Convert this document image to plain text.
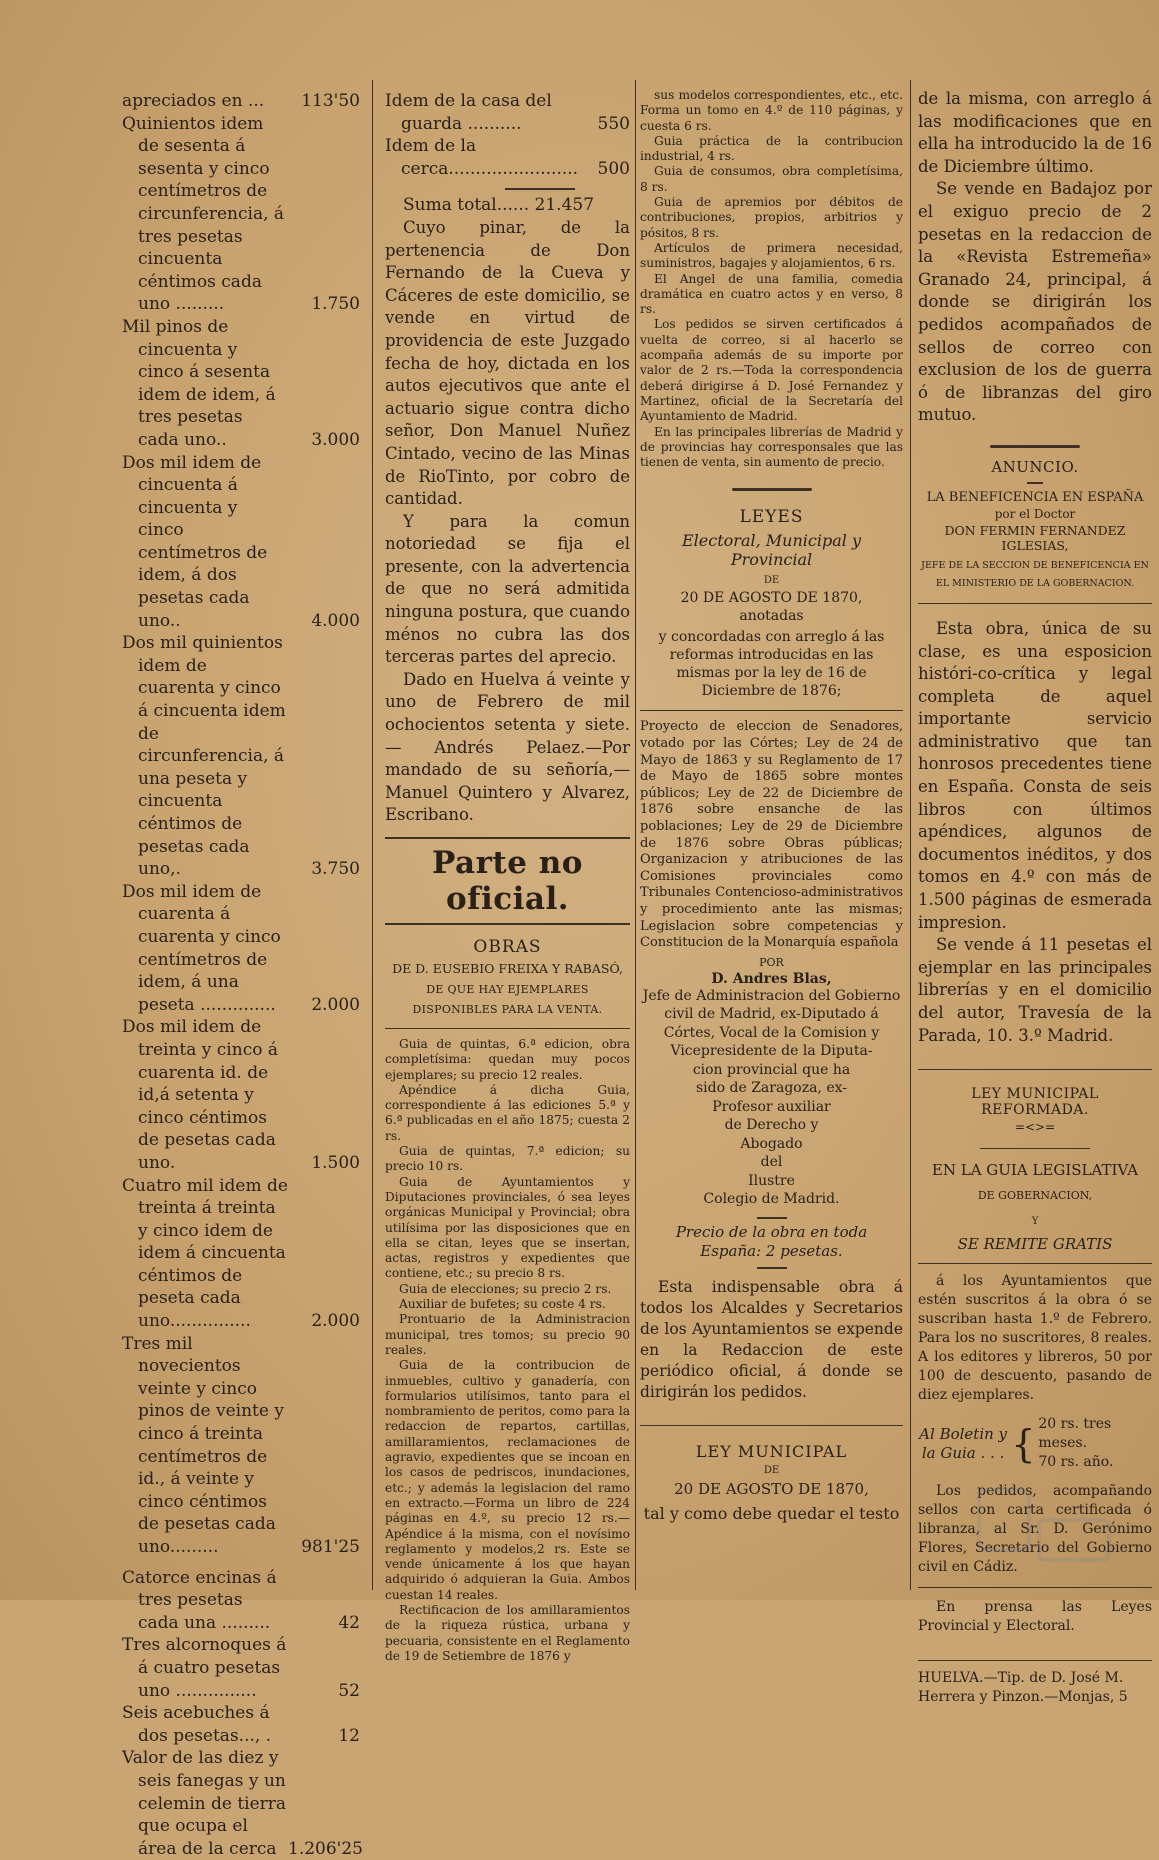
apreciados en ...	113'50
Quinientos idem de sesenta á sesenta y cinco centímetros de circunferencia, á tres pesetas cincuenta céntimos cada uno .........	1.750
Mil pinos de cincuenta y cinco á sesenta idem de idem, á tres pesetas cada uno..	3.000
Dos mil idem de cincuenta á cincuenta y cinco centímetros de idem, á dos pesetas cada uno..	4.000
Dos mil quinientos idem de cuarenta y cinco á cincuenta idem de circunferencia, á una peseta y cincuenta céntimos de pesetas cada uno,.	3.750
Dos mil idem de cuarenta á cuarenta y cinco centímetros de idem, á una peseta ..............	2.000
Dos mil idem de treinta y cinco á cuarenta id. de id,á setenta y cinco céntimos de pesetas cada uno.	1.500
Cuatro mil idem de treinta á treinta y cinco idem de idem á cincuenta céntimos de peseta cada uno...............	2.000
Tres mil novecientos veinte y cinco pinos de veinte y cinco á treinta centímetros de id., á veinte y cinco céntimos de pesetas cada uno.........	981'25
Catorce encinas á tres pesetas cada una .........	42
Tres alcornoques á á cuatro pesetas uno ...............	52
Seis acebuches á dos pesetas..., .	12
Valor de las diez y seis fanegas y un celemin de tierra que ocupa el área de la cerca 1.206'25
Idem de la casa del guarda ..........	550
Idem de la cerca........................	500
Suma total...... 21.457

Cuyo pinar, de la pertenencia de Don Fernando de la Cueva y Cáceres de este domicilio, se vende en virtud de providencia de este Juzgado fecha de hoy, dictada en los autos ejecutivos que ante el actuario sigue contra dicho señor, Don Manuel Nuñez Cintado, vecino de las Minas de RioTinto, por cobro de cantidad.

Y para la comun notoriedad se fija el presente, con la advertencia de que no será admitida ninguna postura, que cuando ménos no cubra las dos terceras partes del aprecio.

Dado en Huelva á veinte y uno de Febrero de mil ochocientos setenta y siete.— Andrés Pelaez.—Por mandado de su señoría,—Manuel Quintero y Alvarez, Escribano.

Parte no oficial.

OBRAS

DE D. EUSEBIO FREIXA Y RABASÓ,

DE QUE HAY EJEMPLARES DISPONIBLES PARA LA VENTA.

Guia de quintas, 6.ª edicion, obra completísima: quedan muy pocos ejemplares; su precio 12 reales.

Apéndice á dicha Guia, correspondiente á las ediciones 5.ª y 6.ª publicadas en el año 1875; cuesta 2 rs.

Guia de quintas, 7.ª edicion; su precio 10 rs.

Guia de Ayuntamientos y Diputaciones provinciales, ó sea leyes orgánicas Municipal y Provincial; obra utilísima por las disposiciones que en ella se citan, leyes que se insertan, actas, registros y expedientes que contiene, etc.; su precio 8 rs.

Guia de elecciones; su precio 2 rs.

Auxiliar de bufetes; su coste 4 rs.

Prontuario de la Administracion municipal, tres tomos; su precio 90 reales.

Guia de la contribucion de inmuebles, cultivo y ganadería, con formularios utilísimos, tanto para el nombramiento de peritos, como para la redaccion de repartos, cartillas, amillaramientos, reclamaciones de agravio, expedientes que se incoan en los casos de pedriscos, inundaciones, etc.; y además la legislacion del ramo en extracto.—Forma un libro de 224 páginas en 4.º, su precio 12 rs.—Apéndice á la misma, con el novísimo reglamento y modelos,2 rs. Este se vende únicamente á los que hayan adquirido ó adquieran la Guia. Ambos cuestan 14 reales.

Rectificacion de los amillaramientos de la riqueza rústica, urbana y pecuaria, consistente en el Reglamento de 19 de Setiembre de 1876 y

sus modelos correspondientes, etc., etc. Forma un tomo en 4.º de 110 páginas, y cuesta 6 rs.

Guia práctica de la contribucion industrial, 4 rs.

Guia de consumos, obra completísima, 8 rs.

Guia de apremios por débitos de contribuciones, propios, arbitrios y pósitos, 8 rs.

Artículos de primera necesidad, suministros, bagajes y alojamientos, 6 rs.

El Angel de una familia, comedia dramática en cuatro actos y en verso, 8 rs.

Los pedidos se sirven certificados á vuelta de correo, si al hacerlo se acompaña además de su importe por valor de 2 rs.—Toda la correspondencia deberá dirigirse á D. José Fernandez y Martinez, oficial de la Secretaría del Ayuntamiento de Madrid.

En las principales librerías de Madrid y de provincias hay corresponsales que las tienen de venta, sin aumento de precio.

LEYES

Electoral, Municipal y Provincial

DE

20 DE AGOSTO DE 1870,

anotadas

y concordadas con arreglo á las reformas introducidas en las mismas por la ley de 16 de Diciembre de 1876;

Proyecto de eleccion de Senadores, votado por las Córtes; Ley de 24 de Mayo de 1863 y su Reglamento de 17 de Mayo de 1865 sobre montes públicos; Ley de 22 de Diciembre de 1876 sobre ensanche de las poblaciones; Ley de 29 de Diciembre de 1876 sobre Obras públicas; Organizacion y atribuciones de las Comisiones provinciales como Tribunales Contencioso-administrativos y procedimiento ante las mismas; Legislacion sobre competencias y Constitucion de la Monarquía española

POR

D. Andres Blas,

Jefe de Administracion del Gobierno
civil de Madrid, ex-Diputado á
Córtes, Vocal de la Comision y
Vicepresidente de la Diputa-
cion provincial que ha
sido de Zaragoza, ex-
Profesor auxiliar
de Derecho y
Abogado
del
Ilustre
Colegio de Madrid.

Precio de la obra en toda España: 2 pesetas.

Esta indispensable obra á todos los Alcaldes y Secretarios de los Ayuntamientos se expende en la Redaccion de este periódico oficial, á donde se dirigirán los pedidos.

LEY MUNICIPAL

DE

20 DE AGOSTO DE 1870,

tal y como debe quedar el testo

de la misma, con arreglo á las modificaciones que en ella ha introducido la de 16 de Diciembre último.

Se vende en Badajoz por el exiguo precio de 2 pesetas en la redaccion de la «Revista Estremeña» Granado 24, principal, á donde se dirigirán los pedidos acompañados de sellos de correo con exclusion de los de guerra ó de libranzas del giro mutuo.

ANUNCIO.

LA BENEFICENCIA EN ESPAÑA

por el Doctor

DON FERMIN FERNANDEZ IGLESIAS,

JEFE DE LA SECCION DE BENEFICENCIA EN EL MINISTERIO DE LA GOBERNACION.

Esta obra, única de su clase, es una esposicion históri-co-crítica y legal completa de aquel importante servicio administrativo que tan honrosos precedentes tiene en España. Consta de seis libros con últimos apéndices, algunos de documentos inéditos, y dos tomos en 4.º con más de 1.500 páginas de esmerada impresion.

Se vende á 11 pesetas el ejemplar en las principales librerías y en el domicilio del autor, Travesía de la Parada, 10. 3.º Madrid.

LEY MUNICIPAL REFORMADA.

=<>=

EN LA GUIA LEGISLATIVA

DE GOBERNACION,

Y

SE REMITE GRATIS

á los Ayuntamientos que estén suscritos á la obra ó se suscriban hasta 1.º de Febrero. Para los no suscritores, 8 reales. A los editores y libreros, 50 por 100 de descuento, pasando de diez ejemplares.

Al Boletin y la Guia . . . { 20 rs. tres meses.
70 rs. año.

Los pedidos, acompañando sellos con carta certificada ó libranza, al Sr. D. Gerónimo Flores, Secretario del Gobierno civil en Cádiz.

En prensa las Leyes Provincial y Electoral.

HUELVA.—Tip. de D. José M. Herrera y Pinzon.—Monjas, 5
